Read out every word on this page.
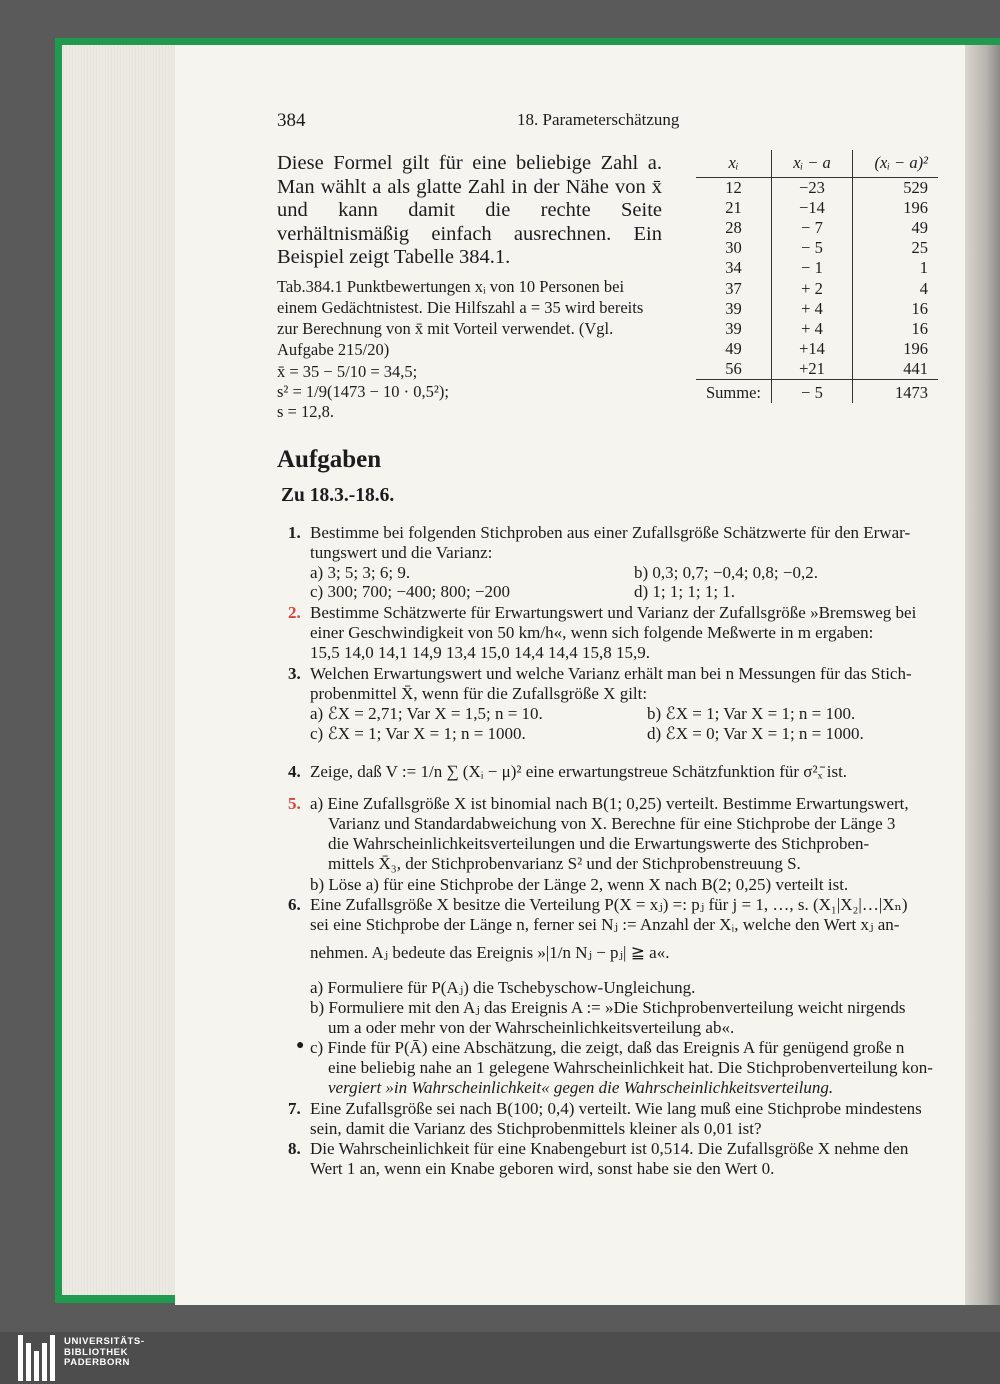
384	18. Parameterschätzung
Diese Formel gilt für eine beliebige Zahl a. Man wählt a als glatte Zahl in der Nähe von x̄ und kann damit die rechte Seite verhältnismäßig einfach ausrechnen. Ein Beispiel zeigt Tabelle 384.1.
Tab.384.1 Punktbewertungen xᵢ von 10 Personen bei einem Gedächtnistest. Die Hilfszahl a = 35 wird bereits zur Berechnung von x̄ mit Vorteil verwendet. (Vgl. Aufgabe 215/20)
x̄ = 35 − 5/10 = 34,5;
s² = 1/9(1473 − 10 · 0,5²);
s = 12,8.
xᵢ	xᵢ − a	(xᵢ − a)²
12	−23	529
21	−14	196
28	− 7	49
30	− 5	25
34	− 1	1
37	+ 2	4
39	+ 4	16
39	+ 4	16
49	+14	196
56	+21	441
Summe:	− 5	1473
Aufgaben
Zu 18.3.-18.6.
1. Bestimme bei folgenden Stichproben aus einer Zufallsgröße Schätzwerte für den Erwar-
tungswert und die Varianz:
a) 3; 5; 3; 6; 9.	b) 0,3; 0,7; −0,4; 0,8; −0,2.
c) 300; 700; −400; 800; −200	d) 1; 1; 1; 1; 1.
2. Bestimme Schätzwerte für Erwartungswert und Varianz der Zufallsgröße »Bremsweg bei
einer Geschwindigkeit von 50 km/h«, wenn sich folgende Meßwerte in m ergaben:
15,5 14,0 14,1 14,9 13,4 15,0 14,4 14,4 15,8 15,9.
3. Welchen Erwartungswert und welche Varianz erhält man bei n Messungen für das Stich-
probenmittel X̄, wenn für die Zufallsgröße X gilt:
a) ℰX = 2,71; Var X = 1,5; n = 10.	b) ℰX = 1; Var X = 1; n = 100.
c) ℰX = 1; Var X = 1; n = 1000.	d) ℰX = 0; Var X = 1; n = 1000.
4. Zeige, daß V := 1/n ∑ (Xᵢ − μ)² eine erwartungstreue Schätzfunktion für σ²ₓ̄ ist.
5. a) Eine Zufallsgröße X ist binomial nach B(1; 0,25) verteilt. Bestimme Erwartungswert,
Varianz und Standardabweichung von X. Berechne für eine Stichprobe der Länge 3
die Wahrscheinlichkeitsverteilungen und die Erwartungswerte des Stichproben-
mittels X̄₃, der Stichprobenvarianz S² und der Stichprobenstreuung S.
b) Löse a) für eine Stichprobe der Länge 2, wenn X nach B(2; 0,25) verteilt ist.
6. Eine Zufallsgröße X besitze die Verteilung P(X = xⱼ) =: pⱼ für j = 1, …, s. (X₁|X₂|…|Xₙ)
sei eine Stichprobe der Länge n, ferner sei Nⱼ := Anzahl der Xᵢ, welche den Wert xⱼ an-
nehmen. Aⱼ bedeute das Ereignis »|1/n Nⱼ − pⱼ| ≧ a«.
a) Formuliere für P(Aⱼ) die Tschebyschow-Ungleichung.
b) Formuliere mit den Aⱼ das Ereignis A := »Die Stichprobenverteilung weicht nirgends
um a oder mehr von der Wahrscheinlichkeitsverteilung ab«.
● c) Finde für P(Ā) eine Abschätzung, die zeigt, daß das Ereignis A für genügend große n
eine beliebig nahe an 1 gelegene Wahrscheinlichkeit hat. Die Stichprobenverteilung kon-
vergiert »in Wahrscheinlichkeit« gegen die Wahrscheinlichkeitsverteilung.
7. Eine Zufallsgröße sei nach B(100; 0,4) verteilt. Wie lang muß eine Stichprobe mindestens
sein, damit die Varianz des Stichprobenmittels kleiner als 0,01 ist?
8. Die Wahrscheinlichkeit für eine Knabengeburt ist 0,514. Die Zufallsgröße X nehme den
Wert 1 an, wenn ein Knabe geboren wird, sonst habe sie den Wert 0.
UNIVERSITÄTS-
BIBLIOTHEK
PADERBORN
